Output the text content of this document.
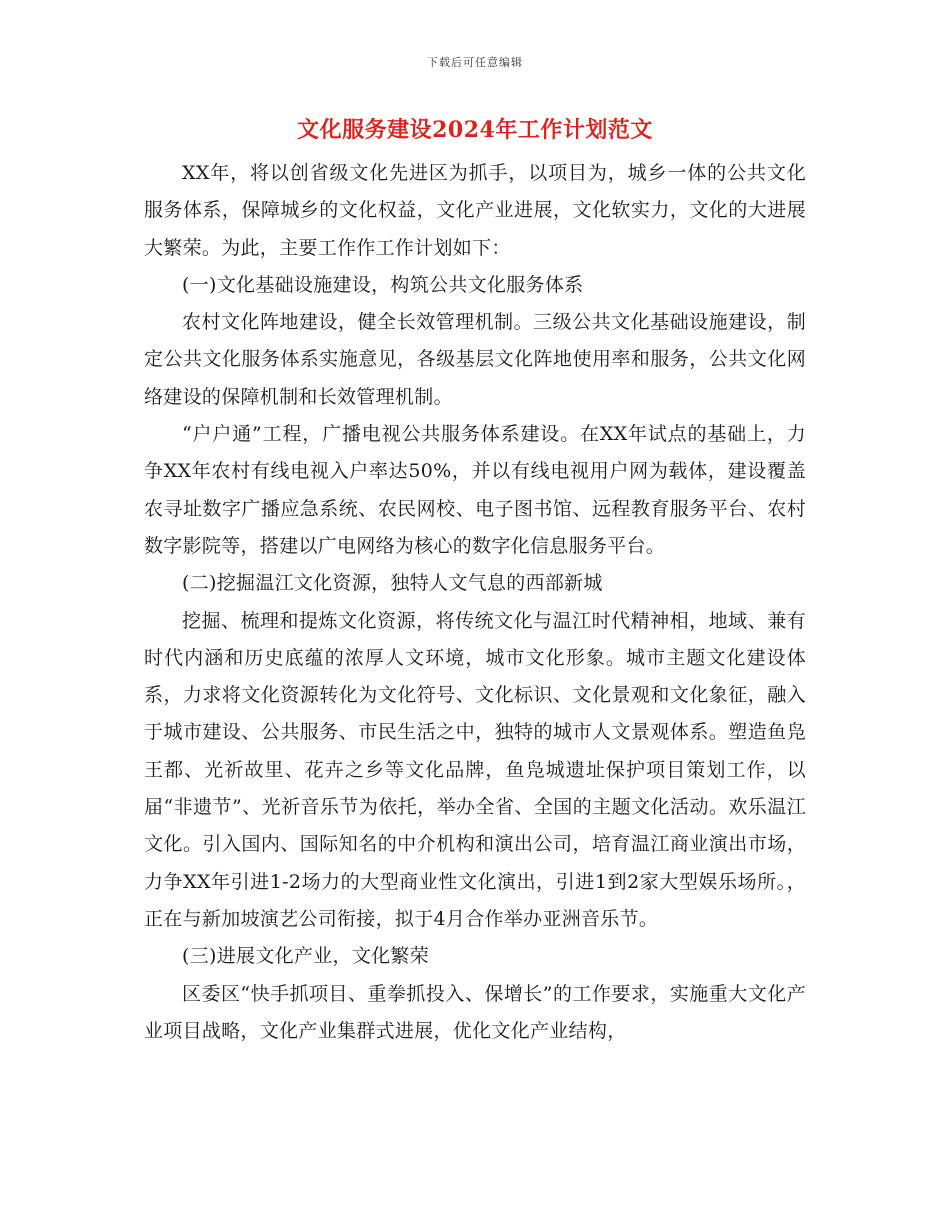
下载后可任意编辑
文化服务建设2024年工作计划范文

XX年，将以创省级文化先进区为抓手，以项目为，城乡一体的公共文化服务体系，保障城乡的文化权益，文化产业进展，文化软实力，文化的大进展大繁荣。为此，主要工作作工作计划如下：

(一)文化基础设施建设，构筑公共文化服务体系

农村文化阵地建设，健全长效管理机制。三级公共文化基础设施建设，制定公共文化服务体系实施意见，各级基层文化阵地使用率和服务，公共文化网络建设的保障机制和长效管理机制。

“户户通”工程，广播电视公共服务体系建设。在XX年试点的基础上，力争XX年农村有线电视入户率达50%，并以有线电视用户网为载体，建设覆盖农寻址数字广播应急系统、农民网校、电子图书馆、远程教育服务平台、农村数字影院等，搭建以广电网络为核心的数字化信息服务平台。

(二)挖掘温江文化资源，独特人文气息的西部新城

挖掘、梳理和提炼文化资源，将传统文化与温江时代精神相，地域、兼有时代内涵和历史底蕴的浓厚人文环境，城市文化形象。城市主题文化建设体系，力求将文化资源转化为文化符号、文化标识、文化景观和文化象征，融入于城市建设、公共服务、市民生活之中，独特的城市人文景观体系。塑造鱼凫王都、光祈故里、花卉之乡等文化品牌，鱼凫城遗址保护项目策划工作，以届“非遗节”、光祈音乐节为依托，举办全省、全国的主题文化活动。欢乐温江文化。引入国内、国际知名的中介机构和演出公司，培育温江商业演出市场，力争XX年引进1-2场力的大型商业性文化演出，引进1到2家大型娱乐场所。，正在与新加坡演艺公司衔接，拟于4月合作举办亚洲音乐节。

(三)进展文化产业，文化繁荣

区委区“快手抓项目、重拳抓投入、保增长”的工作要求，实施重大文化产业项目战略，文化产业集群式进展，优化文化产业结构，
